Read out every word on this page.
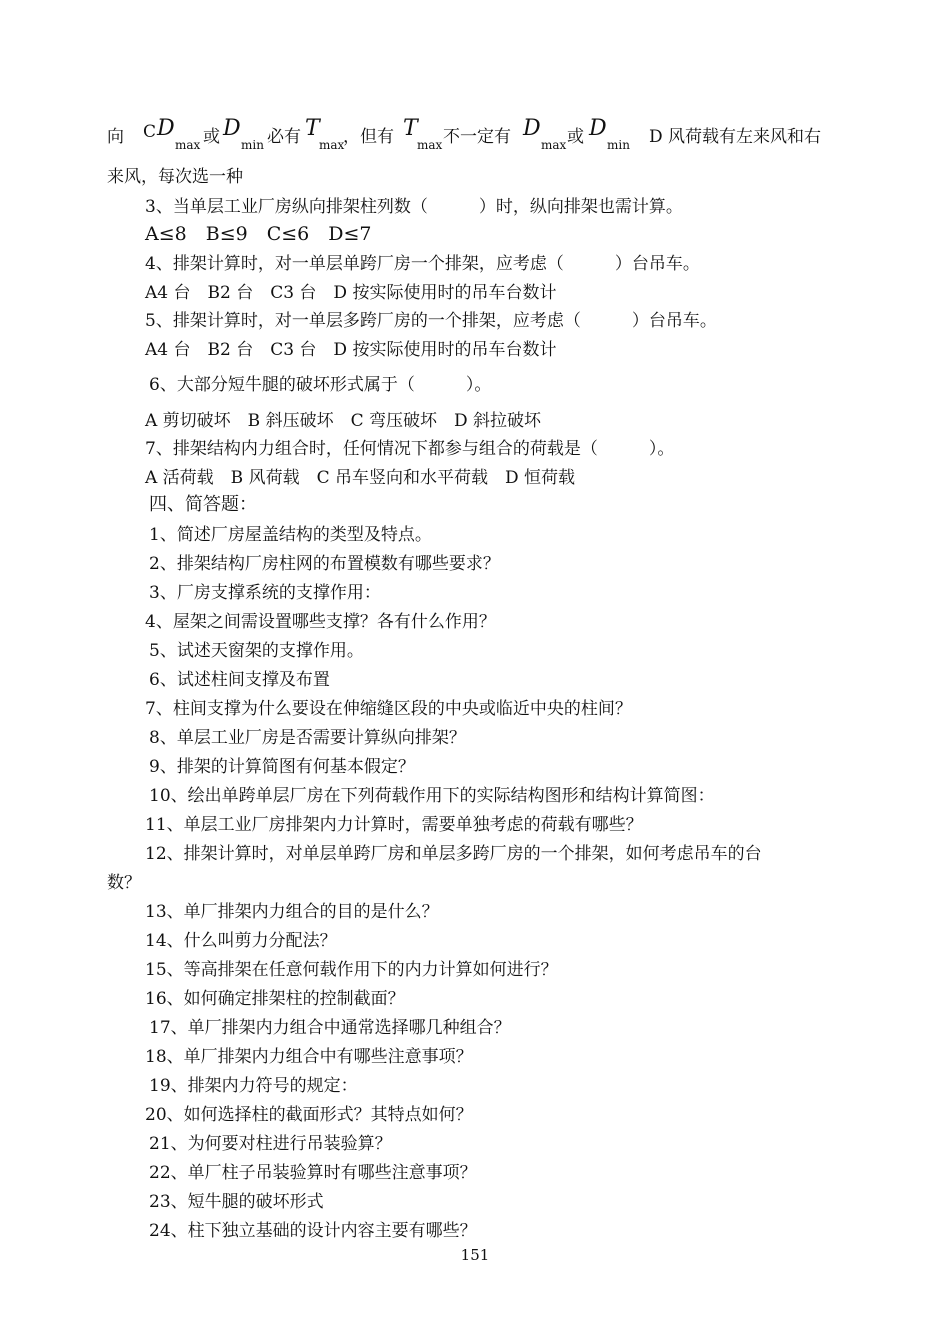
向 C D
max 或 D
min 必有 T
max
，但有 T
max 不一定有 D
max 或 D
min D 风荷载有左来风和右
来风，每次选一种
3、当单层工业厂房纵向排架柱列数（　　　）时，纵向排架也需计算。
A≤8　B≤9　C≤6　D≤7
4、排架计算时，对一单层单跨厂房一个排架，应考虑（　　　）台吊车。
A4 台　B2 台　C3 台　D 按实际使用时的吊车台数计
5、排架计算时，对一单层多跨厂房的一个排架，应考虑（　　　）台吊车。
A4 台　B2 台　C3 台　D 按实际使用时的吊车台数计
6、大部分短牛腿的破坏形式属于（　　　）。
A 剪切破坏　B 斜压破坏　C 弯压破坏　D 斜拉破坏
7、排架结构内力组合时，任何情况下都参与组合的荷载是（　　　）。
A 活荷载　B 风荷载　C 吊车竖向和水平荷载　D 恒荷载
四、简答题：
1、简述厂房屋盖结构的类型及特点。
2、排架结构厂房柱网的布置模数有哪些要求？
3、厂房支撑系统的支撑作用：
4、屋架之间需设置哪些支撑？各有什么作用？
5、试述天窗架的支撑作用。
6、试述柱间支撑及布置
7、柱间支撑为什么要设在伸缩缝区段的中央或临近中央的柱间？
8、单层工业厂房是否需要计算纵向排架？
9、排架的计算简图有何基本假定？
10、绘出单跨单层厂房在下列荷载作用下的实际结构图形和结构计算简图：
11、单层工业厂房排架内力计算时，需要单独考虑的荷载有哪些？
12、排架计算时，对单层单跨厂房和单层多跨厂房的一个排架，如何考虑吊车的台
数？
13、单厂排架内力组合的目的是什么？
14、什么叫剪力分配法？
15、等高排架在任意何载作用下的内力计算如何进行？
16、如何确定排架柱的控制截面？
17、单厂排架内力组合中通常选择哪几种组合？
18、单厂排架内力组合中有哪些注意事项？
19、排架内力符号的规定：
20、如何选择柱的截面形式？其特点如何？
21、为何要对柱进行吊装验算？
22、单厂柱子吊装验算时有哪些注意事项？
23、短牛腿的破坏形式
24、柱下独立基础的设计内容主要有哪些？
151
